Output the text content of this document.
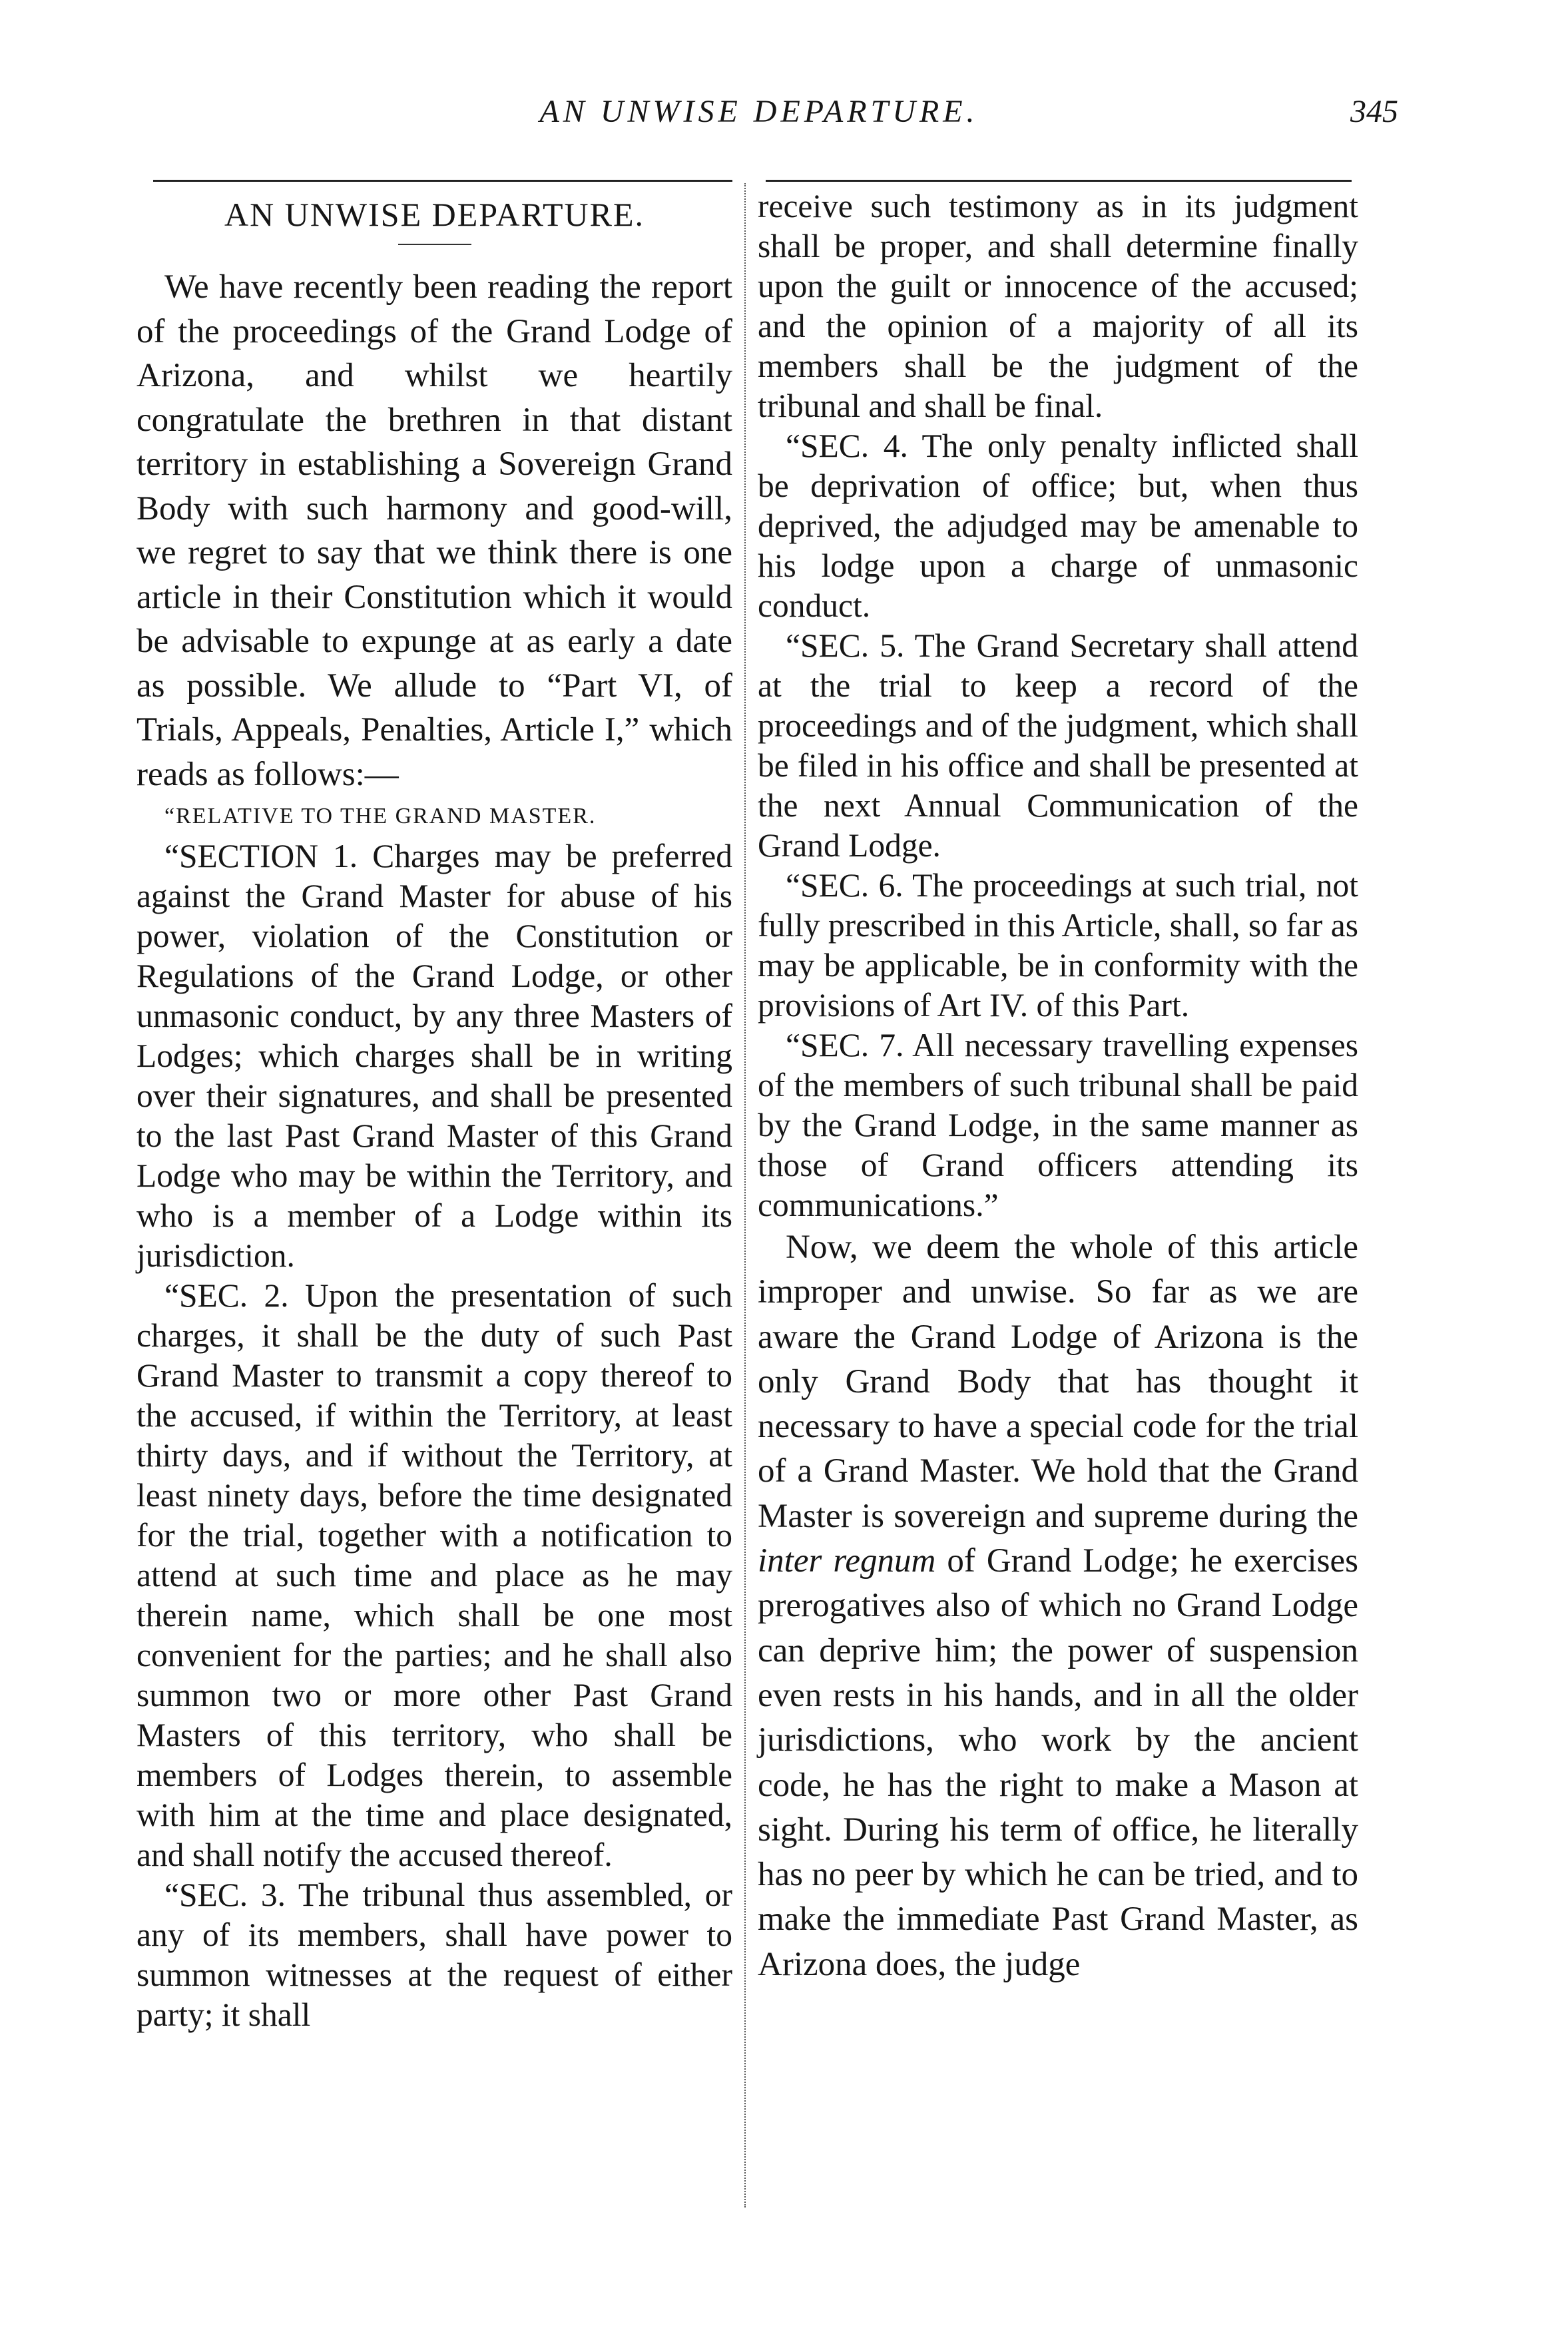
AN UNWISE DEPARTURE.	345
AN UNWISE DEPARTURE.

We have recently been reading the report of the proceedings of the Grand Lodge of Arizona, and whilst we heartily congratulate the brethren in that distant territory in establishing a Sovereign Grand Body with such harmony and good-will, we regret to say that we think there is one article in their Constitution which it would be advisable to expunge at as early a date as possible. We allude to “Part VI, of Trials, Appeals, Penalties, Article I,” which reads as follows:—

“RELATIVE TO THE GRAND MASTER.

“SECTION 1. Charges may be preferred against the Grand Master for abuse of his power, violation of the Constitution or Regulations of the Grand Lodge, or other unmasonic conduct, by any three Masters of Lodges; which charges shall be in writing over their signatures, and shall be presented to the last Past Grand Master of this Grand Lodge who may be within the Territory, and who is a member of a Lodge within its jurisdiction.

“SEC. 2. Upon the presentation of such charges, it shall be the duty of such Past Grand Master to transmit a copy thereof to the accused, if within the Territory, at least thirty days, and if without the Territory, at least ninety days, before the time designated for the trial, together with a notification to attend at such time and place as he may therein name, which shall be one most convenient for the parties; and he shall also summon two or more other Past Grand Masters of this territory, who shall be members of Lodges therein, to assemble with him at the time and place designated, and shall notify the accused thereof.

“SEC. 3. The tribunal thus assembled, or any of its members, shall have power to summon witnesses at the request of either party; it shall

receive such testimony as in its judgment shall be proper, and shall determine finally upon the guilt or innocence of the accused; and the opinion of a majority of all its members shall be the judgment of the tribunal and shall be final.

“SEC. 4. The only penalty inflicted shall be deprivation of office; but, when thus deprived, the adjudged may be amenable to his lodge upon a charge of unmasonic conduct.

“SEC. 5. The Grand Secretary shall attend at the trial to keep a record of the proceedings and of the judgment, which shall be filed in his office and shall be presented at the next Annual Communication of the Grand Lodge.

“SEC. 6. The proceedings at such trial, not fully prescribed in this Article, shall, so far as may be applicable, be in conformity with the provisions of Art IV. of this Part.

“SEC. 7. All necessary travelling expenses of the members of such tribunal shall be paid by the Grand Lodge, in the same manner as those of Grand officers attending its communications.”

Now, we deem the whole of this article improper and unwise. So far as we are aware the Grand Lodge of Arizona is the only Grand Body that has thought it necessary to have a special code for the trial of a Grand Master. We hold that the Grand Master is sovereign and supreme during the inter regnum of Grand Lodge; he exercises prerogatives also of which no Grand Lodge can deprive him; the power of suspension even rests in his hands, and in all the older jurisdictions, who work by the ancient code, he has the right to make a Mason at sight. During his term of office, he literally has no peer by which he can be tried, and to make the immediate Past Grand Master, as Arizona does, the judge
